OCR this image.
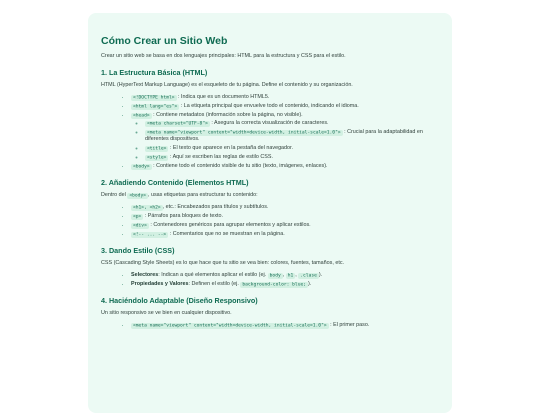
Cómo Crear un Sitio Web

Crear un sitio web se basa en dos lenguajes principales: HTML para la estructura y CSS para el estilo.

1. La Estructura Básica (HTML)

HTML (HyperText Markup Language) es el esqueleto de tu página. Define el contenido y su organización.

• <!DOCTYPE html> : Indica que es un documento HTML5.
• <html lang="es"> : La etiqueta principal que envuelve todo el contenido, indicando el idioma.
• <head> : Contiene metadatos (información sobre la página, no visible).
◦ <meta charset="UTF-8"> : Asegura la correcta visualización de caracteres.
◦ <meta name="viewport" content="width=device-width, initial-scale=1.0"> : Crucial para la adaptabilidad en diferentes dispositivos.
◦ <title> : El texto que aparece en la pestaña del navegador.
◦ <style> : Aquí se escriben las reglas de estilo CSS.
• <body> : Contiene todo el contenido visible de tu sitio (texto, imágenes, enlaces).
2. Añadiendo Contenido (Elementos HTML)

Dentro del <body> , usas etiquetas para estructurar tu contenido:

• <h1>, <h2> , etc.: Encabezados para títulos y subtítulos.
• <p> : Párrafos para bloques de texto.
• <div> : Contenedores genéricos para agrupar elementos y aplicar estilos.
• <!-- ... --> : Comentarios que no se muestran en la página.
3. Dando Estilo (CSS)

CSS (Cascading Style Sheets) es lo que hace que tu sitio se vea bien: colores, fuentes, tamaños, etc.

• Selectores: Indican a qué elementos aplicar el estilo (ej. body , h1 , .clase ).
• Propiedades y Valores: Definen el estilo (ej. background-color: blue; ).
4. Haciéndolo Adaptable (Diseño Responsivo)

Un sitio responsivo se ve bien en cualquier dispositivo.

• <meta name="viewport" content="width=device-width, initial-scale=1.0"> : El primer paso.
